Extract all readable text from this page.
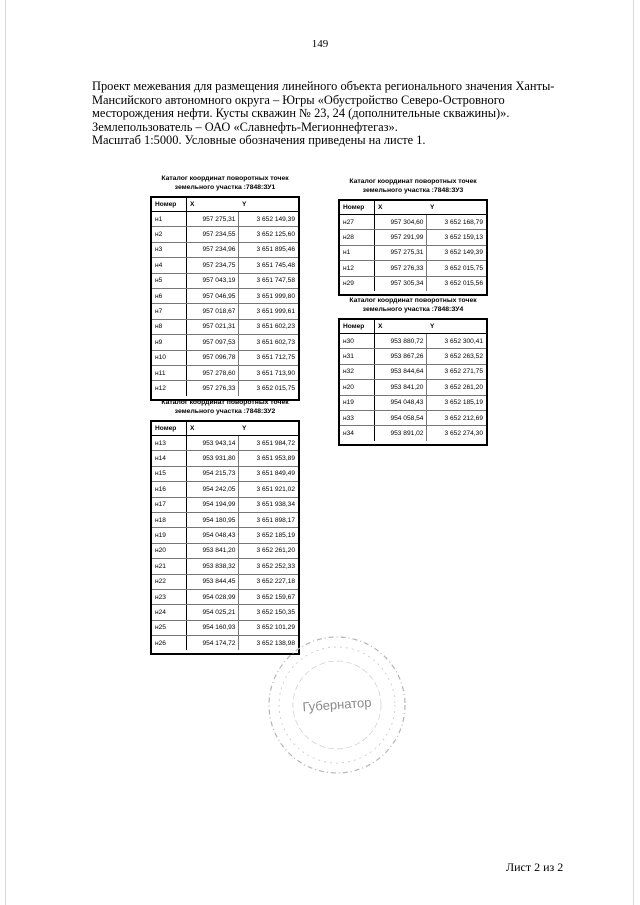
149
Проект межевания для размещения линейного объекта регионального значения Ханты-
Мансийского автономного округа – Югры «Обустройство Северо-Островного
месторождения нефти. Кусты скважин № 23, 24 (дополнительные скважины)».
Землепользователь – ОАО «Славнефть-Мегионнефтегаз».
Масштаб 1:5000. Условные обозначения приведены на листе 1.
Каталог координат поворотных точек
земельного участка :7848:ЗУ1
Номер	X	Y
н1	957 275,31	3 652 149,39
н2	957 234,55	3 652 125,60
н3	957 234,96	3 651 895,46
н4	957 234,75	3 651 745,48
н5	957 043,19	3 651 747,58
н6	957 046,95	3 651 999,80
н7	957 018,67	3 651 999,61
н8	957 021,31	3 651 602,23
н9	957 097,53	3 651 602,73
н10	957 096,78	3 651 712,75
н11	957 278,60	3 651 713,90
н12	957 276,33	3 652 015,75
Каталог координат поворотных точек
земельного участка :7848:ЗУ2
Номер	X	Y
н13	953 943,14	3 651 984,72
н14	953 931,80	3 651 953,89
н15	954 215,73	3 651 849,49
н16	954 242,05	3 651 921,02
н17	954 194,99	3 651 938,34
н18	954 180,95	3 651 898,17
н19	954 048,43	3 652 185,19
н20	953 841,20	3 652 261,20
н21	953 838,32	3 652 252,33
н22	953 844,45	3 652 227,18
н23	954 028,99	3 652 159,67
н24	954 025,21	3 652 150,35
н25	954 160,93	3 652 101,29
н26	954 174,72	3 652 138,98
Каталог координат поворотных точек
земельного участка :7848:ЗУ3
Номер	X	Y
н27	957 304,60	3 652 168,79
н28	957 291,99	3 652 159,13
н1	957 275,31	3 652 149,39
н12	957 276,33	3 652 015,75
н29	957 305,34	3 652 015,56
Каталог координат поворотных точек
земельного участка :7848:ЗУ4
Номер	X	Y
н30	953 880,72	3 652 300,41
н31	953 867,26	3 652 263,52
н32	953 844,64	3 652 271,75
н20	953 841,20	3 652 261,20
н19	954 048,43	3 652 185,19
н33	954 058,54	3 652 212,69
н34	953 891,02	3 652 274,30
Губернатор
Лист 2 из 2
